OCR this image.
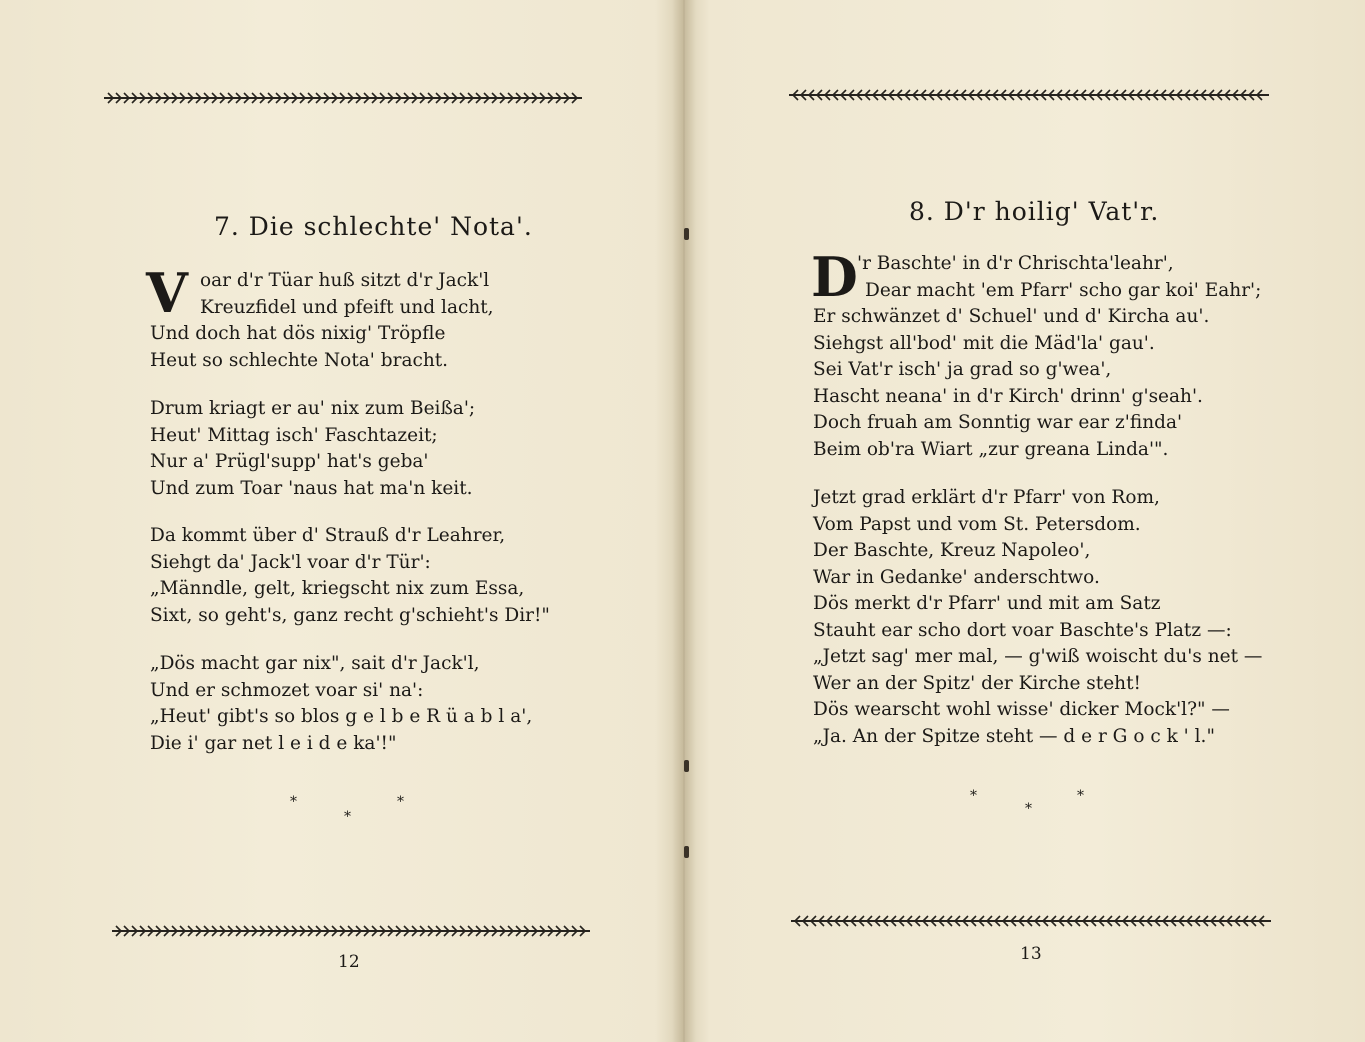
7. Die schlechte' Nota'.
V oar d'r Tüar huß sitzt d'r Jack'l
Kreuzfidel und pfeift und lacht,
Und doch hat dös nixig' Tröpfle
Heut so schlechte Nota' bracht.
Drum kriagt er au' nix zum Beißa';
Heut' Mittag isch' Faschtazeit;
Nur a' Prügl'supp' hat's geba'
Und zum Toar 'naus hat ma'n keit.
Da kommt über d' Strauß d'r Leahrer,
Siehgt da' Jack'l voar d'r Tür':
„Männdle, gelt, kriegscht nix zum Essa,
Sixt, so geht's, ganz recht g'schieht's Dir!"
„Dös macht gar nix", sait d'r Jack'l,
Und er schmozet voar si' na':
„Heut' gibt's so blos g e l b e R ü a b l a',
Die i' gar net l e i d e ka'!"
*
*
*
12
8. D'r hoilig' Vat'r.
D 'r Baschte' in d'r Chrischta'leahr',
Dear macht 'em Pfarr' scho gar koi' Eahr';
Er schwänzet d' Schuel' und d' Kircha au'.
Siehgst all'bod' mit die Mäd'la' gau'.
Sei Vat'r isch' ja grad so g'wea',
Hascht neana' in d'r Kirch' drinn' g'seah'.
Doch fruah am Sonntig war ear z'finda'
Beim ob'ra Wiart „zur greana Linda'".
Jetzt grad erklärt d'r Pfarr' von Rom,
Vom Papst und vom St. Petersdom.
Der Baschte, Kreuz Napoleo',
War in Gedanke' anderschtwo.
Dös merkt d'r Pfarr' und mit am Satz
Stauht ear scho dort voar Baschte's Platz —:
„Jetzt sag' mer mal, — g'wiß woischt du's net —
Wer an der Spitz' der Kirche steht!
Dös wearscht wohl wisse' dicker Mock'l?" —
„Ja. An der Spitze steht — d e r G o c k ' l."
*
*
*
13
